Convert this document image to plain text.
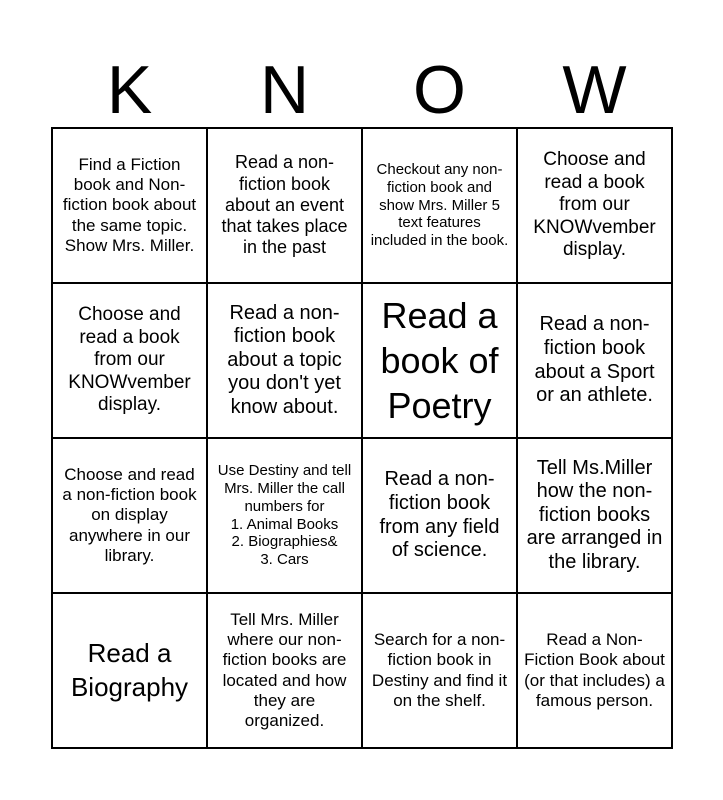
K	N	O	W
Find a Fiction book and Non-fiction book about the same topic. Show Mrs. Miller.	Read a non-fiction book about an event that takes place in the past	Checkout any non-fiction book and show Mrs. Miller 5 text features included in the book.	Choose and read a book from our KNOWvember display.
Choose and read a book from our KNOWvember display.	Read a non-fiction book about a topic you don't yet know about.	Read a book of Poetry	Read a non-fiction book about a Sport or an athlete.
Choose and read a non-fiction book on display anywhere in our library.	Use Destiny and tell Mrs. Miller the call numbers for
1. Animal Books
2. Biographies&
3. Cars	Read a non-fiction book from any field of science.	Tell Ms.Miller how the non-fiction books are arranged in the library.
Read a Biography	Tell Mrs. Miller where our non-fiction books are located and how they are organized.	Search for a non-fiction book in Destiny and find it on the shelf.	Read a Non-Fiction Book about (or that includes) a famous person.
